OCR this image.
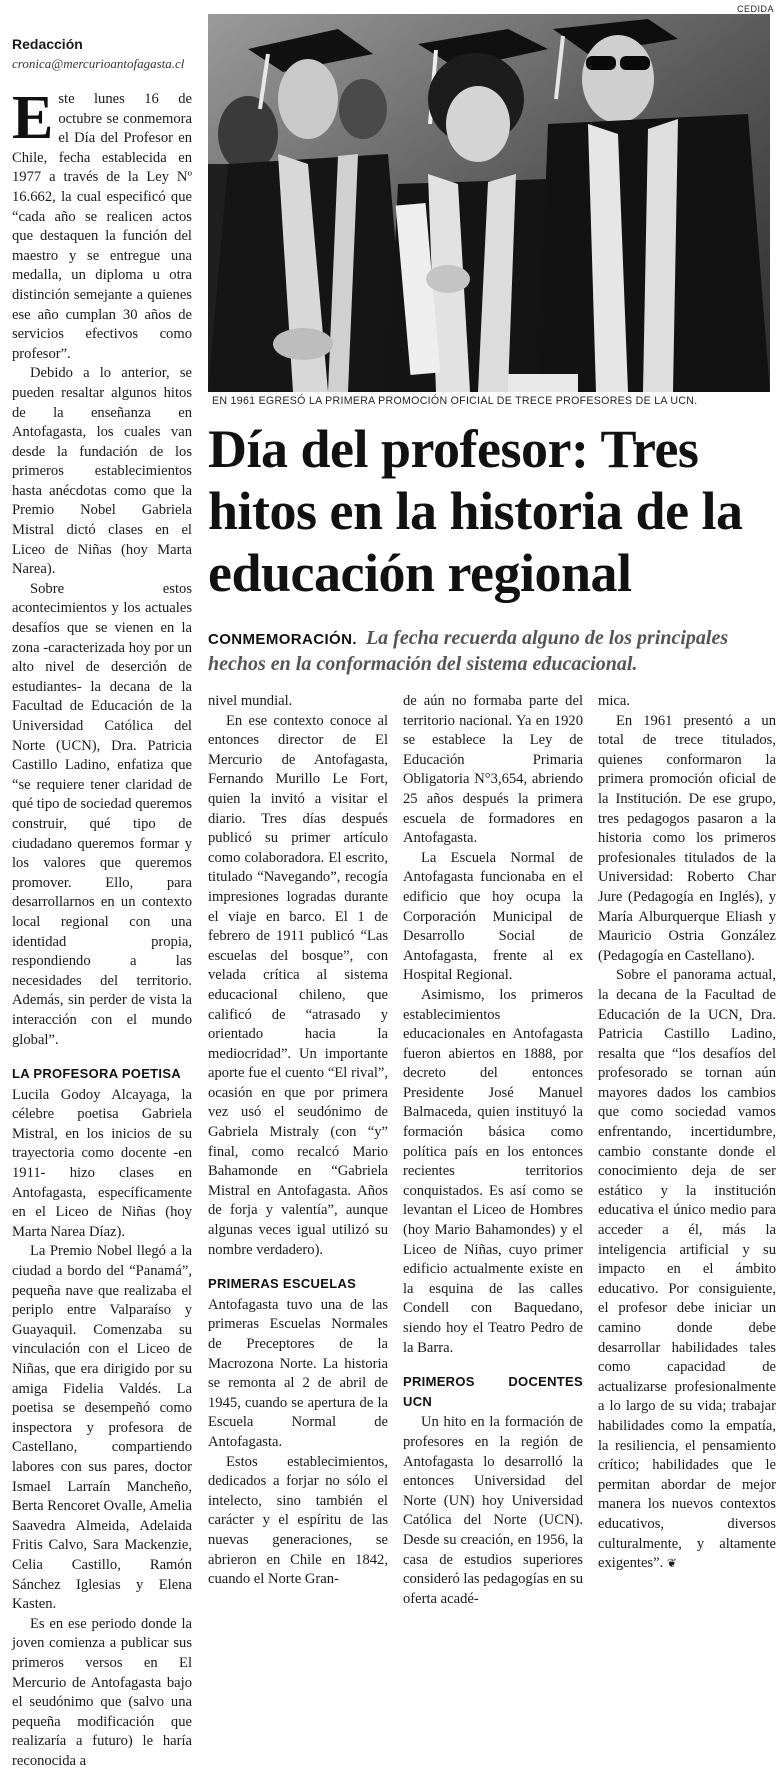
CEDIDA
Redacción
cronica@mercurioantofagasta.cl
EN 1961 EGRESÓ LA PRIMERA PROMOCIÓN OFICIAL DE TRECE PROFESORES DE LA UCN.
Día del profesor: Tres hitos en la historia de la educación regional
CONMEMORACIÓN. La fecha recuerda alguno de los principales hechos en la conformación del sistema educacional.

Este lunes 16 de octubre se conmemora el Día del Profesor en Chile, fecha establecida en 1977 a través de la Ley Nº 16.662, la cual especificó que “cada año se realicen actos que destaquen la función del maestro y se entregue una medalla, un diploma u otra distinción semejante a quienes ese año cumplan 30 años de servicios efectivos como profesor”.

Debido a lo anterior, se pueden resaltar algunos hitos de la enseñanza en Antofagasta, los cuales van desde la fundación de los primeros establecimientos hasta anécdotas como que la Premio Nobel Gabriela Mistral dictó clases en el Liceo de Niñas (hoy Marta Narea).

Sobre estos acontecimientos y los actuales desafíos que se vienen en la zona -caracterizada hoy por un alto nivel de deserción de estudiantes- la decana de la Facultad de Educación de la Universidad Católica del Norte (UCN), Dra. Patricia Castillo Ladino, enfatiza que “se requiere tener claridad de qué tipo de sociedad queremos construir, qué tipo de ciudadano queremos formar y los valores que queremos promover. Ello, para desarrollarnos en un contexto local regional con una identidad propia, respondiendo a las necesidades del territorio. Además, sin perder de vista la interacción con el mundo global”.

LA PROFESORA POETISA

Lucila Godoy Alcayaga, la célebre poetisa Gabriela Mistral, en los inicios de su trayectoria como docente -en 1911- hizo clases en Antofagasta, específicamente en el Liceo de Niñas (hoy Marta Narea Díaz).

La Premio Nobel llegó a la ciudad a bordo del “Panamá”, pequeña nave que realizaba el periplo entre Valparaíso y Guayaquil. Comenzaba su vinculación con el Liceo de Niñas, que era dirigido por su amiga Fidelia Valdés. La poetisa se desempeñó como inspectora y profesora de Castellano, compartiendo labores con sus pares, doctor Ismael Larraín Mancheño, Berta Rencoret Ovalle, Amelia Saavedra Almeida, Adelaida Fritis Calvo, Sara Mackenzie, Celia Castillo, Ramón Sánchez Iglesias y Elena Kasten.

Es en ese periodo donde la joven comienza a publicar sus primeros versos en El Mercurio de Antofagasta bajo el seudónimo que (salvo una pequeña modificación que realizaría a futuro) le haría reconocida a

nivel mundial.

En ese contexto conoce al entonces director de El Mercurio de Antofagasta, Fernando Murillo Le Fort, quien la invitó a visitar el diario. Tres días después publicó su primer artículo como colaboradora. El escrito, titulado “Navegando”, recogía impresiones logradas durante el viaje en barco. El 1 de febrero de 1911 publicó “Las escuelas del bosque”, con velada crítica al sistema educacional chileno, que calificó de “atrasado y orientado hacia la mediocridad”. Un importante aporte fue el cuento “El rival”, ocasión en que por primera vez usó el seudónimo de Gabriela Mistraly (con “y” final, como recalcó Mario Bahamonde en “Gabriela Mistral en Antofagasta. Años de forja y valentía”, aunque algunas veces igual utilizó su nombre verdadero).

PRIMERAS ESCUELAS

Antofagasta tuvo una de las primeras Escuelas Normales de Preceptores de la Macrozona Norte. La historia se remonta al 2 de abril de 1945, cuando se apertura de la Escuela Normal de Antofagasta.

Estos establecimientos, dedicados a forjar no sólo el intelecto, sino también el carácter y el espíritu de las nuevas generaciones, se abrieron en Chile en 1842, cuando el Norte Gran-

de aún no formaba parte del territorio nacional. Ya en 1920 se establece la Ley de Educación Primaria Obligatoria N°3,654, abriendo 25 años después la primera escuela de formadores en Antofagasta.

La Escuela Normal de Antofagasta funcionaba en el edificio que hoy ocupa la Corporación Municipal de Desarrollo Social de Antofagasta, frente al ex Hospital Regional.

Asimismo, los primeros establecimientos educacionales en Antofagasta fueron abiertos en 1888, por decreto del entonces Presidente José Manuel Balmaceda, quien instituyó la formación básica como política país en los entonces recientes territorios conquistados. Es así como se levantan el Liceo de Hombres (hoy Mario Bahamondes) y el Liceo de Niñas, cuyo primer edificio actualmente existe en la esquina de las calles Condell con Baquedano, siendo hoy el Teatro Pedro de la Barra.

PRIMEROS DOCENTES UCN

Un hito en la formación de profesores en la región de Antofagasta lo desarrolló la entonces Universidad del Norte (UN) hoy Universidad Católica del Norte (UCN). Desde su creación, en 1956, la casa de estudios superiores consideró las pedagogías en su oferta acadé-

mica.

En 1961 presentó a un total de trece titulados, quienes conformaron la primera promoción oficial de la Institución. De ese grupo, tres pedagogos pasaron a la historia como los primeros profesionales titulados de la Universidad: Roberto Char Jure (Pedagogía en Inglés), y María Alburquerque Eliash y Mauricio Ostria González (Pedagogía en Castellano).

Sobre el panorama actual, la decana de la Facultad de Educación de la UCN, Dra. Patricia Castillo Ladino, resalta que “los desafíos del profesorado se tornan aún mayores dados los cambios que como sociedad vamos enfrentando, incertidumbre, cambio constante donde el conocimiento deja de ser estático y la institución educativa el único medio para acceder a él, más la inteligencia artificial y su impacto en el ámbito educativo. Por consiguiente, el profesor debe iniciar un camino donde debe desarrollar habilidades tales como capacidad de actualizarse profesionalmente a lo largo de su vida; trabajar habilidades como la empatía, la resiliencia, el pensamiento crítico; habilidades que le permitan abordar de mejor manera los nuevos contextos educativos, diversos culturalmente, y altamente exigentes”. ❦
